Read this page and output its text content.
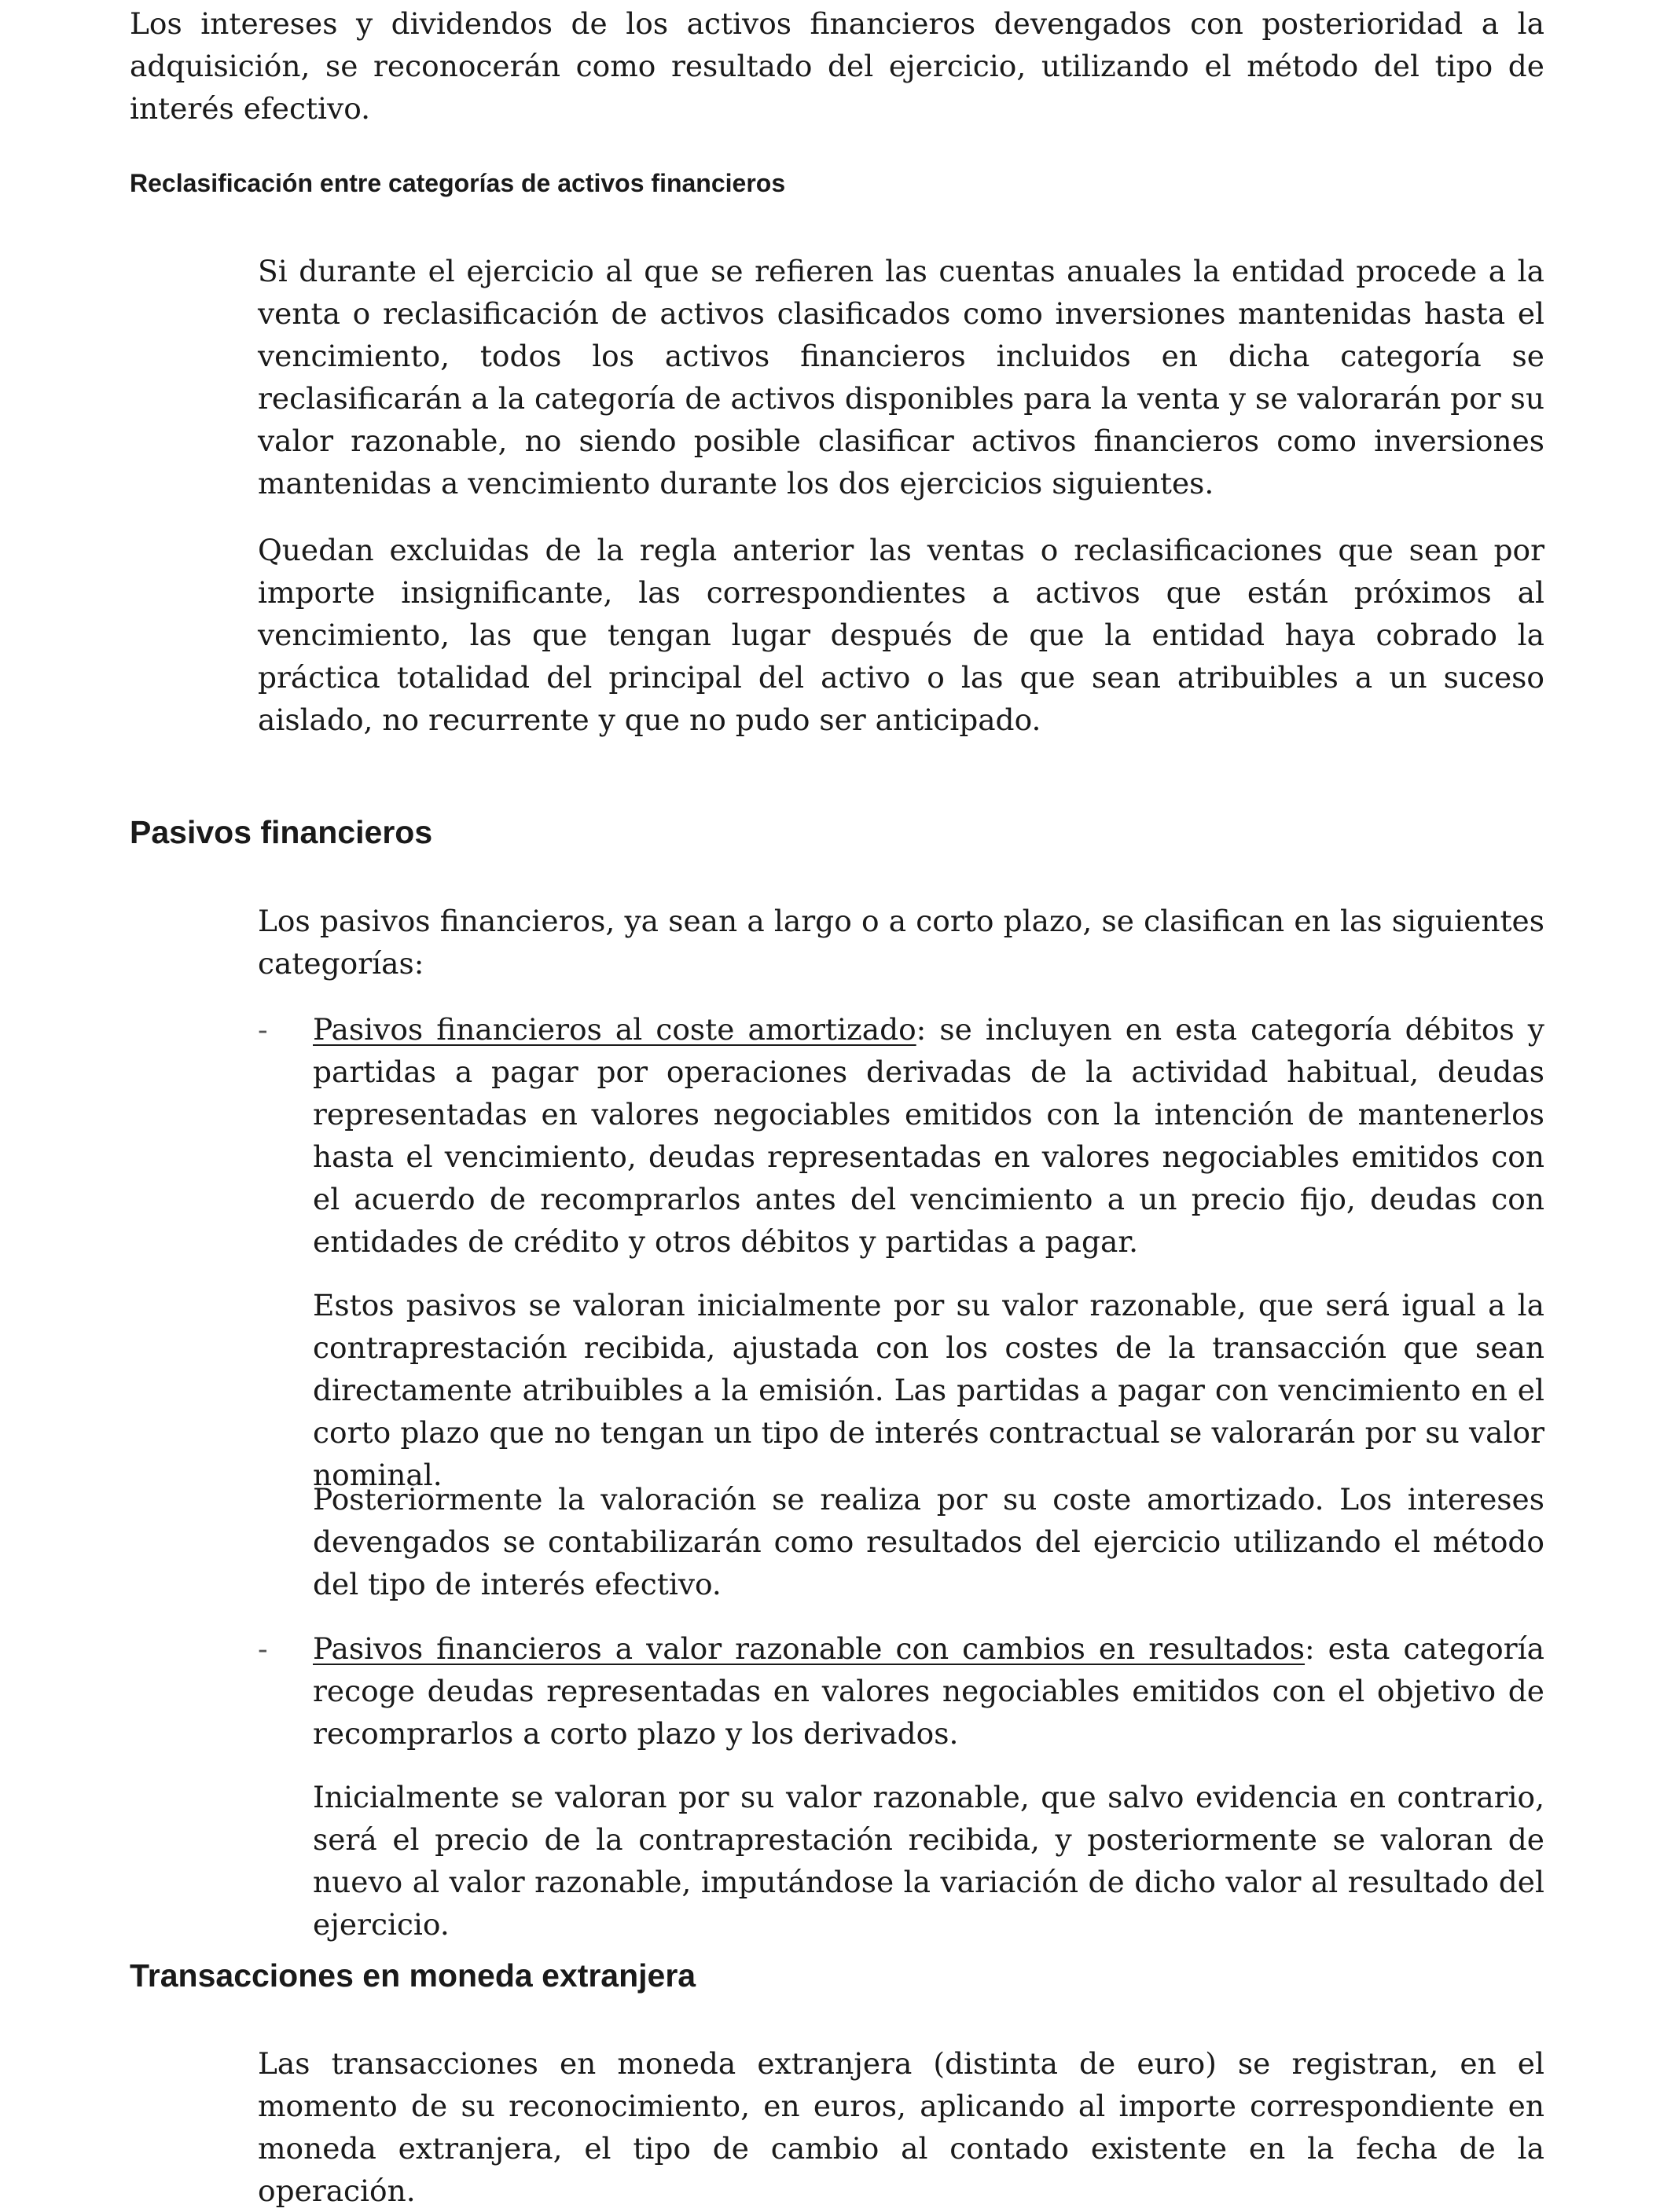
Los intereses y dividendos de los activos financieros devengados con posterioridad a la adquisición, se reconocerán como resultado del ejercicio, utilizando el método del tipo de interés efectivo.

Reclasificación entre categorías de activos financieros

Si durante el ejercicio al que se refieren las cuentas anuales la entidad procede a la venta o reclasificación de activos clasificados como inversiones mantenidas hasta el vencimiento, todos los activos financieros incluidos en dicha categoría se reclasificarán a la categoría de activos disponibles para la venta y se valorarán por su valor razonable, no siendo posible clasificar activos financieros como inversiones mantenidas a vencimiento durante los dos ejercicios siguientes.

Quedan excluidas de la regla anterior las ventas o reclasificaciones que sean por importe insignificante, las correspondientes a activos que están próximos al vencimiento, las que tengan lugar después de que la entidad haya cobrado la práctica totalidad del principal del activo o las que sean atribuibles a un suceso aislado, no recurrente y que no pudo ser anticipado.

Pasivos financieros

Los pasivos financieros, ya sean a largo o a corto plazo, se clasifican en las siguientes categorías:

- Pasivos financieros al coste amortizado: se incluyen en esta categoría débitos y partidas a pagar por operaciones derivadas de la actividad habitual, deudas representadas en valores negociables emitidos con la intención de mantenerlos hasta el vencimiento, deudas representadas en valores negociables emitidos con el acuerdo de recomprarlos antes del vencimiento a un precio fijo, deudas con entidades de crédito y otros débitos y partidas a pagar.

Estos pasivos se valoran inicialmente por su valor razonable, que será igual a la contraprestación recibida, ajustada con los costes de la transacción que sean directamente atribuibles a la emisión. Las partidas a pagar con vencimiento en el corto plazo que no tengan un tipo de interés contractual se valorarán por su valor nominal.

Posteriormente la valoración se realiza por su coste amortizado. Los intereses devengados se contabilizarán como resultados del ejercicio utilizando el método del tipo de interés efectivo.

- Pasivos financieros a valor razonable con cambios en resultados: esta categoría recoge deudas representadas en valores negociables emitidos con el objetivo de recomprarlos a corto plazo y los derivados.

Inicialmente se valoran por su valor razonable, que salvo evidencia en contrario, será el precio de la contraprestación recibida, y posteriormente se valoran de nuevo al valor razonable, imputándose la variación de dicho valor al resultado del ejercicio.

Transacciones en moneda extranjera

Las transacciones en moneda extranjera (distinta de euro) se registran, en el momento de su reconocimiento, en euros, aplicando al importe correspondiente en moneda extranjera, el tipo de cambio al contado existente en la fecha de la operación.
